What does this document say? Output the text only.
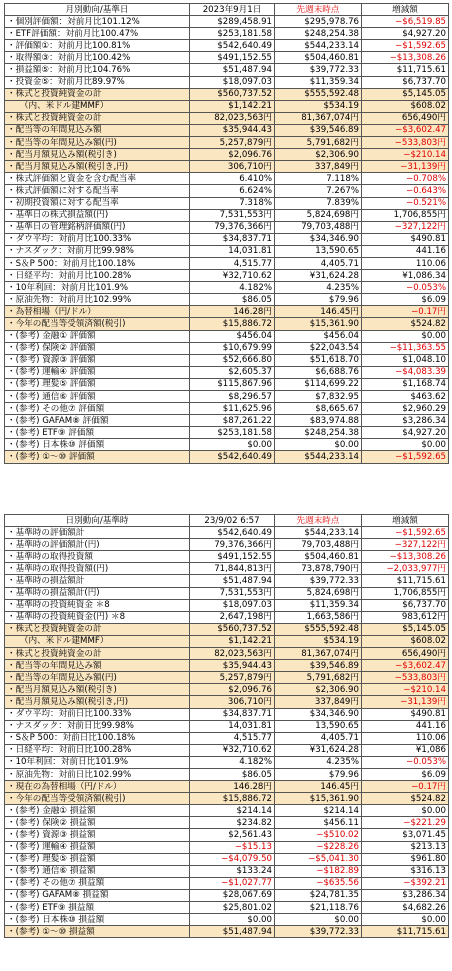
月別動向/基準日	2023年9月1日	先週末時点	増減額
・個別評価額：対前月比101.12%	$289,458.91	$295,978.76	−$6,519.85
・ETF評価額：対前月比100.47%	$253,181.58	$248,254.38	$4,927.20
・評価額①：対前月比100.81%	$542,640.49	$544,233.14	−$1,592.65
・取得額③：対前月比100.42%	$491,152.55	$504,460.81	−$13,308.26
・損益額⑤：対前月比104.76%	$51,487.94	$39,772.33	$11,715.61
・投資金⑤：対前月比89.97%	$18,097.03	$11,359.34	$6,737.70
・株式と投資純資金の計	$560,737.52	$555,592.48	$5,145.05
　　（内、米ドル建MMF）	$1,142.21	$534.19	$608.02
・株式と投資純資金の計	82,023,563円	81,367,074円	656,490円
・配当等の年間見込み額	$35,944.43	$39,546.89	−$3,602.47
・配当等の年間見込み額(円)	5,257,879円	5,791,682円	−533,803円
・配当月額見込み額(税引き)	$2,096.76	$2,306.90	−$210.14
・配当月額見込み額(税引き,円)	306,710円	337,849円	−31,139円
・株式評価額と資金を含む配当率	6.410%	7.118%	−0.708%
・株式評価額に対する配当率	6.624%	7.267%	−0.643%
・初期投資額に対する配当率	7.318%	7.839%	−0.521%
・基準日の株式損益額(円)	7,531,553円	5,824,698円	1,706,855円
・基準日の管理銘柄評価額(円)	79,376,366円	79,703,488円	−327,122円
・ダウ平均：対前月比100.33%	$34,837.71	$34,346.90	$490.81
・ナスダック：対前月比99.98%	14,031.81	13,590.65	441.16
・S＆P 500：対前月比100.18%	4,515.77	4,405.71	110.06
・日経平均：対前月比100.28%	¥32,710.62	¥31,624.28	¥1,086.34
・10年利回：対前月比101.9%	4.182%	4.235%	−0.053%
・原油先物：対前月比102.99%	$86.05	$79.96	$6.09
・為替相場（円/ドル）	146.28円	146.45円	−0.17円
・今年の配当等受領済額(税引)	$15,886.72	$15,361.90	$524.82
・(参考) 金融① 評価額	$456.04	$456.04	$0.00
・(参考) 保険② 評価額	$10,679.99	$22,043.54	−$11,363.55
・(参考) 資源③ 評価額	$52,666.80	$51,618.70	$1,048.10
・(参考) 運輸④ 評価額	$2,605.37	$6,688.76	−$4,083.39
・(参考) 理髪⑤ 評価額	$115,867.96	$114,699.22	$1,168.74
・(参考) 通信⑥ 評価額	$8,296.57	$7,832.95	$463.62
・(参考) その他⑦ 評価額	$11,625.96	$8,665.67	$2,960.29
・(参考) GAFAM⑧ 評価額	$87,261.22	$83,974.88	$3,286.34
・(参考) ETF⑨ 評価額	$253,181.58	$248,254.38	$4,927.20
・(参考) 日本株⑩ 評価額	$0.00	$0.00	$0.00
・(参考) ①〜⑩ 評価額	$542,640.49	$544,233.14	−$1,592.65
日別動向/基準時	23/9/02 6:57	先週末時点	増減額
・基準時の評価額計	$542,640.49	$544,233.14	−$1,592.65
・基準時の評価額計(円)	79,376,366円	79,703,488円	−327,122円
・基準時の取得投資額	$491,152.55	$504,460.81	−$13,308.26
・基準時の取得投資額(円)	71,844,813円	73,878,790円	−2,033,977円
・基準時の損益額計	$51,487.94	$39,772.33	$11,715.61
・基準時の損益額計(円)	7,531,553円	5,824,698円	1,706,855円
・基準時の投資純資金 ＊8	$18,097.03	$11,359.34	$6,737.70
・基準時の投資純資金(円) ＊8	2,647,198円	1,663,586円	983,612円
・株式と投資純資金の計	$560,737.52	$555,592.48	$5,145.05
　　（内、米ドル建MMF）	$1,142.21	$534.19	$608.02
・株式と投資純資金の計	82,023,563円	81,367,074円	656,490円
・配当等の年間見込み額	$35,944.43	$39,546.89	−$3,602.47
・配当等の年間見込み額(円)	5,257,879円	5,791,682円	−533,803円
・配当月額見込み額(税引き)	$2,096.76	$2,306.90	−$210.14
・配当月額見込み額(税引き,円)	306,710円	337,849円	−31,139円
・ダウ平均：対前日比100.33%	$34,837.71	$34,346.90	$490.81
・ナスダック：対前日比99.98%	14,031.81	13,590.65	441.16
・S＆P 500：対前日比100.18%	4,515.77	4,405.71	110.06
・日経平均：対前日比100.28%	¥32,710.62	¥31,624.28	¥1,086
・10年利回：対前日比101.9%	4.182%	4.235%	−0.053%
・原油先物：対前日比102.99%	$86.05	$79.96	$6.09
・現在の為替相場（円/ドル）	146.28円	146.45円	−0.17円
・今年の配当等受領済額(税引)	$15,886.72	$15,361.90	$524.82
・(参考) 金融① 損益額	$214.14	$214.14	$0.00
・(参考) 保険② 損益額	$234.82	$456.11	−$221.29
・(参考) 資源③ 損益額	$2,561.43	−$510.02	$3,071.45
・(参考) 運輸④ 損益額	−$15.13	−$228.26	$213.13
・(参考) 理髪⑤ 損益額	−$4,079.50	−$5,041.30	$961.80
・(参考) 通信⑥ 損益額	$133.24	−$182.89	$316.13
・(参考) その他⑦ 損益額	−$1,027.77	−$635.56	−$392.21
・(参考) GAFAM⑧ 損益額	$28,067.69	$24,781.35	$3,286.34
・(参考) ETF⑨ 損益額	$25,801.02	$21,118.76	$4,682.26
・(参考) 日本株⑩ 損益額	$0.00	$0.00	$0.00
・(参考) ①〜⑩ 損益額	$51,487.94	$39,772.33	$11,715.61
